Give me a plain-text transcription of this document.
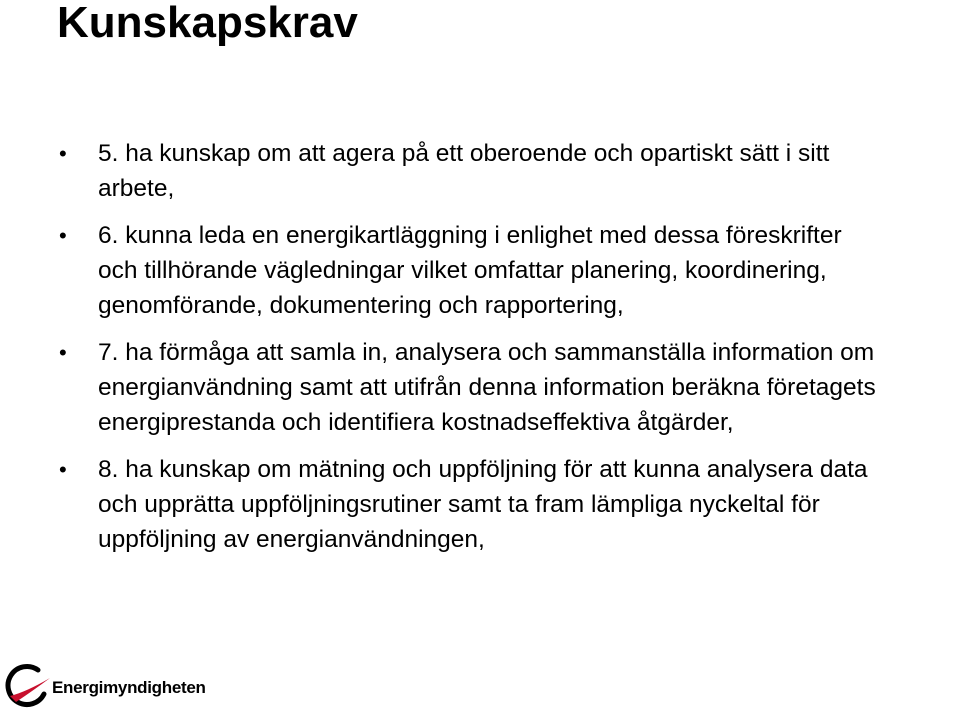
Kunskapskrav
• 5. ha kunskap om att agera på ett oberoende och opartiskt sätt i sitt
arbete,
• 6. kunna leda en energikartläggning i enlighet med dessa föreskrifter
och tillhörande vägledningar vilket omfattar planering, koordinering,
genomförande, dokumentering och rapportering,
• 7. ha förmåga att samla in, analysera och sammanställa information om
energianvändning samt att utifrån denna information beräkna företagets
energiprestanda och identifiera kostnadseffektiva åtgärder,
• 8. ha kunskap om mätning och uppföljning för att kunna analysera data
och upprätta uppföljningsrutiner samt ta fram lämpliga nyckeltal för
uppföljning av energianvändningen,
Energimyndigheten
